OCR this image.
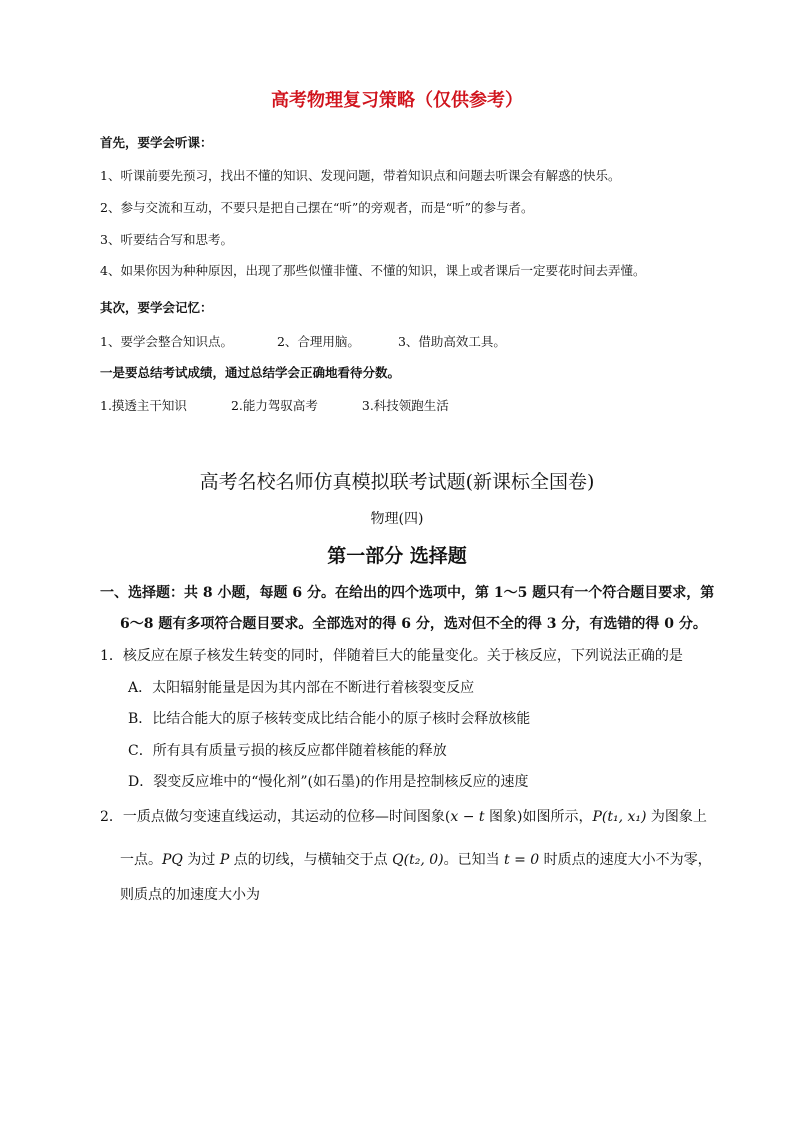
高考物理复习策略（仅供参考）
首先，要学会听课：
1、听课前要先预习，找出不懂的知识、发现问题，带着知识点和问题去听课会有解惑的快乐。
2、参与交流和互动，不要只是把自己摆在“听”的旁观者，而是“听”的参与者。
3、听要结合写和思考。
4、如果你因为种种原因，出现了那些似懂非懂、不懂的知识，课上或者课后一定要花时间去弄懂。
其次，要学会记忆：
1、要学会整合知识点。	2、合理用脑。	3、借助高效工具。
一是要总结考试成绩，通过总结学会正确地看待分数。
1.摸透主干知识	2.能力驾驭高考	3.科技领跑生活
高考名校名师仿真模拟联考试题(新课标全国卷)
物理(四)
第一部分 选择题
一、选择题：共 8 小题，每题 6 分。在给出的四个选项中，第 1～5 题只有一个符合题目要求，第
6～8 题有多项符合题目要求。全部选对的得 6 分，选对但不全的得 3 分，有选错的得 0 分。
1．核反应在原子核发生转变的同时，伴随着巨大的能量变化。关于核反应，下列说法正确的是
A．太阳辐射能量是因为其内部在不断进行着核裂变反应
B．比结合能大的原子核转变成比结合能小的原子核时会释放核能
C．所有具有质量亏损的核反应都伴随着核能的释放
D．裂变反应堆中的“慢化剂”(如石墨)的作用是控制核反应的速度
2．一质点做匀变速直线运动，其运动的位移—时间图象(x − t 图象)如图所示，P(t₁, x₁) 为图象上
一点。PQ 为过 P 点的切线，与横轴交于点 Q(t₂, 0)。已知当 t = 0 时质点的速度大小不为零，
则质点的加速度大小为
